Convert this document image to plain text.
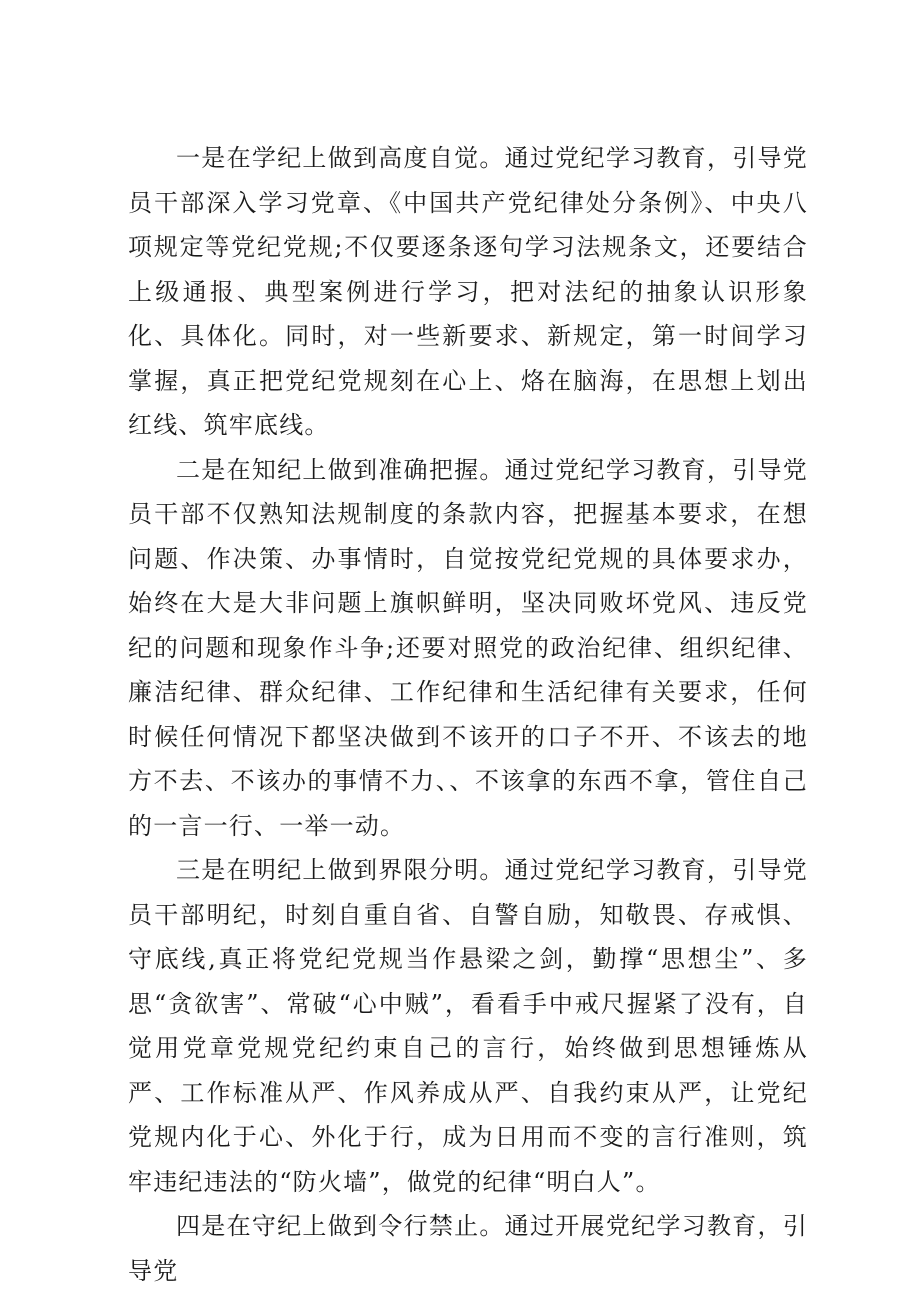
一是在学纪上做到高度自觉。通过党纪学习教育，引导党员干部深入学习党章、《中国共产党纪律处分条例》、中央八项规定等党纪党规;不仅要逐条逐句学习法规条文，还要结合上级通报、典型案例进行学习，把对法纪的抽象认识形象化、具体化。同时，对一些新要求、新规定，第一时间学习掌握，真正把党纪党规刻在心上、烙在脑海，在思想上划出红线、筑牢底线。

二是在知纪上做到准确把握。通过党纪学习教育，引导党员干部不仅熟知法规制度的条款内容，把握基本要求，在想问题、作决策、办事情时，自觉按党纪党规的具体要求办，始终在大是大非问题上旗帜鲜明，坚决同败坏党风、违反党纪的问题和现象作斗争;还要对照党的政治纪律、组织纪律、廉洁纪律、群众纪律、工作纪律和生活纪律有关要求，任何时候任何情况下都坚决做到不该开的口子不开、不该去的地方不去、不该办的事情不力、、不该拿的东西不拿，管住自己的一言一行、一举一动。

三是在明纪上做到界限分明。通过党纪学习教育，引导党员干部明纪，时刻自重自省、自警自励，知敬畏、存戒惧、守底线,真正将党纪党规当作悬梁之剑，勤撑“思想尘”、多思“贪欲害”、常破“心中贼”，看看手中戒尺握紧了没有，自觉用党章党规党纪约束自己的言行，始终做到思想锤炼从严、工作标准从严、作风养成从严、自我约束从严，让党纪党规内化于心、外化于行，成为日用而不变的言行准则，筑牢违纪违法的“防火墙”，做党的纪律“明白人”。

四是在守纪上做到令行禁止。通过开展党纪学习教育，引导党
